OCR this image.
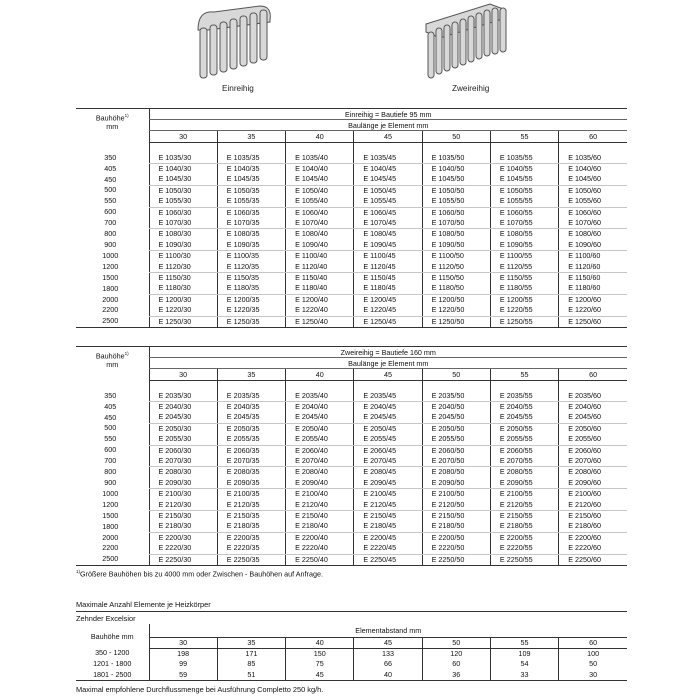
Einreihig	Zweireihig
Bauhöhe$^{1)}$
mm	Einreihig = Bautiefe 95 mm						
	Baulänge je Element mm						
	30	35	40	45	50	55	60

350	E 1035/30	E 1035/35	E 1035/40	E 1035/45	E 1035/50	E 1035/55	E 1035/60
405	E 1040/30	E 1040/35	E 1040/40	E 1040/45	E 1040/50	E 1040/55	E 1040/60
450	E 1045/30	E 1045/35	E 1045/40	E 1045/45	E 1045/50	E 1045/55	E 1045/60
500	E 1050/30	E 1050/35	E 1050/40	E 1050/45	E 1050/50	E 1050/55	E 1050/60
550	E 1055/30	E 1055/35	E 1055/40	E 1055/45	E 1055/50	E 1055/55	E 1055/60
600	E 1060/30	E 1060/35	E 1060/40	E 1060/45	E 1060/50	E 1060/55	E 1060/60
700	E 1070/30	E 1070/35	E 1070/40	E 1070/45	E 1070/50	E 1070/55	E 1070/60
800	E 1080/30	E 1080/35	E 1080/40	E 1080/45	E 1080/50	E 1080/55	E 1080/60
900	E 1090/30	E 1090/35	E 1090/40	E 1090/45	E 1090/50	E 1090/55	E 1090/60
1000	E 1100/30	E 1100/35	E 1100/40	E 1100/45	E 1100/50	E 1100/55	E 1100/60
1200	E 1120/30	E 1120/35	E 1120/40	E 1120/45	E 1120/50	E 1120/55	E 1120/60
1500	E 1150/30	E 1150/35	E 1150/40	E 1150/45	E 1150/50	E 1150/55	E 1150/60
1800	E 1180/30	E 1180/35	E 1180/40	E 1180/45	E 1180/50	E 1180/55	E 1180/60
2000	E 1200/30	E 1200/35	E 1200/40	E 1200/45	E 1200/50	E 1200/55	E 1200/60
2200	E 1220/30	E 1220/35	E 1220/40	E 1220/45	E 1220/50	E 1220/55	E 1220/60
2500	E 1250/30	E 1250/35	E 1250/40	E 1250/45	E 1250/50	E 1250/55	E 1250/60
Bauhöhe$^{1)}$
mm	Zweireihig = Bautiefe 160 mm						
	Baulänge je Element mm						
	30	35	40	45	50	55	60

350	E 2035/30	E 2035/35	E 2035/40	E 2035/45	E 2035/50	E 2035/55	E 2035/60
405	E 2040/30	E 2040/35	E 2040/40	E 2040/45	E 2040/50	E 2040/55	E 2040/60
450	E 2045/30	E 2045/35	E 2045/40	E 2045/45	E 2045/50	E 2045/55	E 2045/60
500	E 2050/30	E 2050/35	E 2050/40	E 2050/45	E 2050/50	E 2050/55	E 2050/60
550	E 2055/30	E 2055/35	E 2055/40	E 2055/45	E 2055/50	E 2055/55	E 2055/60
600	E 2060/30	E 2060/35	E 2060/40	E 2060/45	E 2060/50	E 2060/55	E 2060/60
700	E 2070/30	E 2070/35	E 2070/40	E 2070/45	E 2070/50	E 2070/55	E 2070/60
800	E 2080/30	E 2080/35	E 2080/40	E 2080/45	E 2080/50	E 2080/55	E 2080/60
900	E 2090/30	E 2090/35	E 2090/40	E 2090/45	E 2090/50	E 2090/55	E 2090/60
1000	E 2100/30	E 2100/35	E 2100/40	E 2100/45	E 2100/50	E 2100/55	E 2100/60
1200	E 2120/30	E 2120/35	E 2120/40	E 2120/45	E 2120/50	E 2120/55	E 2120/60
1500	E 2150/30	E 2150/35	E 2150/40	E 2150/45	E 2150/50	E 2150/55	E 2150/60
1800	E 2180/30	E 2180/35	E 2180/40	E 2180/45	E 2180/50	E 2180/55	E 2180/60
2000	E 2200/30	E 2200/35	E 2200/40	E 2200/45	E 2200/50	E 2200/55	E 2200/60
2200	E 2220/30	E 2220/35	E 2220/40	E 2220/45	E 2220/50	E 2220/55	E 2220/60
2500	E 2250/30	E 2250/35	E 2250/40	E 2250/45	E 2250/50	E 2250/55	E 2250/60
$^{1)}$Größere Bauhöhen bis zu 4000 mm oder Zwischen - Bauhöhen auf Anfrage.
Maximale Anzahl Elemente je Heizkörper
Zehnder Excelsior
Bauhöhe mm	Elementabstand mm						
	30	35	40	45	50	55	60
350 - 1200	198	171	150	133	120	109	100
1201 - 1800	99	85	75	66	60	54	50
1801 - 2500	59	51	45	40	36	33	30
Maximal empfohlene Durchflussmenge bei Ausführung Completto 250 kg/h.
